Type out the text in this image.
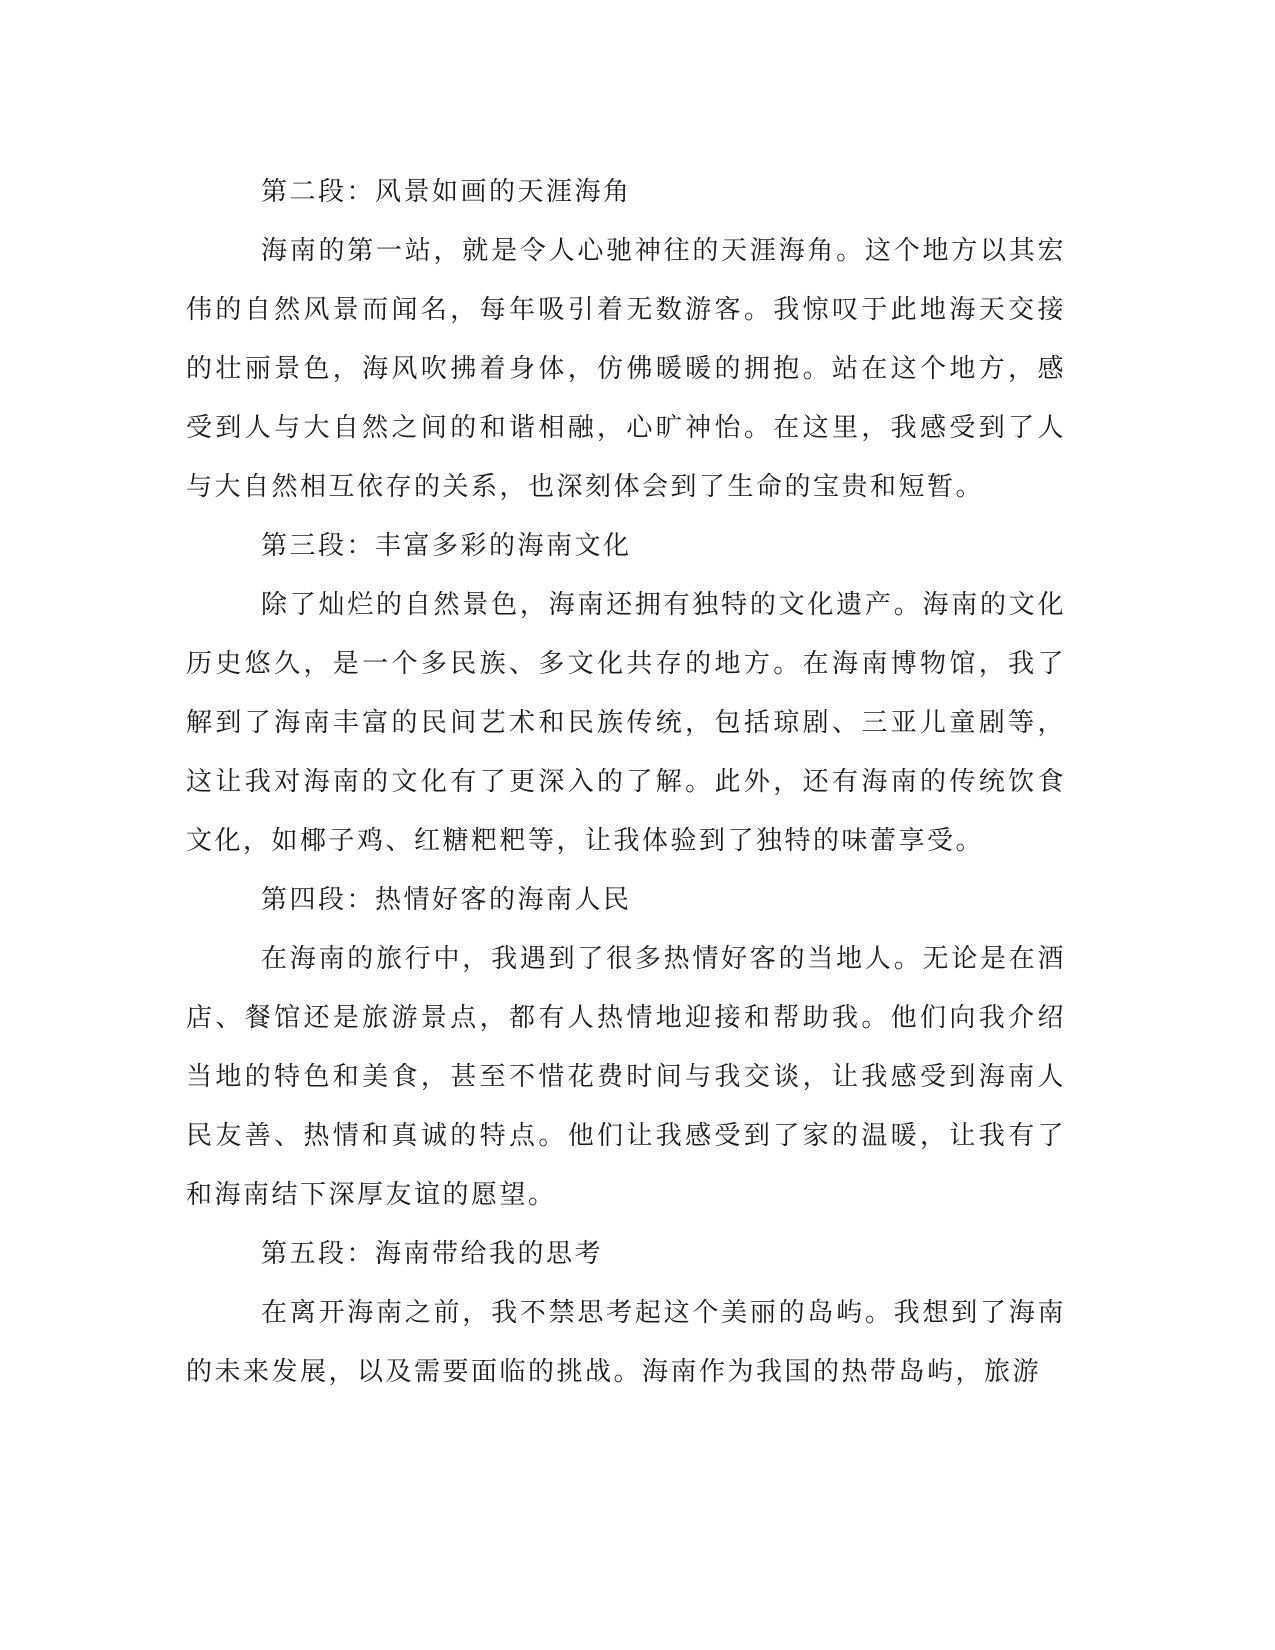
第二段：风景如画的天涯海角

海南的第一站，就是令人心驰神往的天涯海角。这个地方以其宏伟的自然风景而闻名，每年吸引着无数游客。我惊叹于此地海天交接的壮丽景色，海风吹拂着身体，仿佛暖暖的拥抱。站在这个地方，感受到人与大自然之间的和谐相融，心旷神怡。在这里，我感受到了人与大自然相互依存的关系，也深刻体会到了生命的宝贵和短暂。

第三段：丰富多彩的海南文化

除了灿烂的自然景色，海南还拥有独特的文化遗产。海南的文化历史悠久，是一个多民族、多文化共存的地方。在海南博物馆，我了解到了海南丰富的民间艺术和民族传统，包括琼剧、三亚儿童剧等，这让我对海南的文化有了更深入的了解。此外，还有海南的传统饮食文化，如椰子鸡、红糖粑粑等，让我体验到了独特的味蕾享受。

第四段：热情好客的海南人民

在海南的旅行中，我遇到了很多热情好客的当地人。无论是在酒店、餐馆还是旅游景点，都有人热情地迎接和帮助我。他们向我介绍当地的特色和美食，甚至不惜花费时间与我交谈，让我感受到海南人民友善、热情和真诚的特点。他们让我感受到了家的温暖，让我有了和海南结下深厚友谊的愿望。

第五段：海南带给我的思考

在离开海南之前，我不禁思考起这个美丽的岛屿。我想到了海南的未来发展，以及需要面临的挑战。海南作为我国的热带岛屿，旅游
